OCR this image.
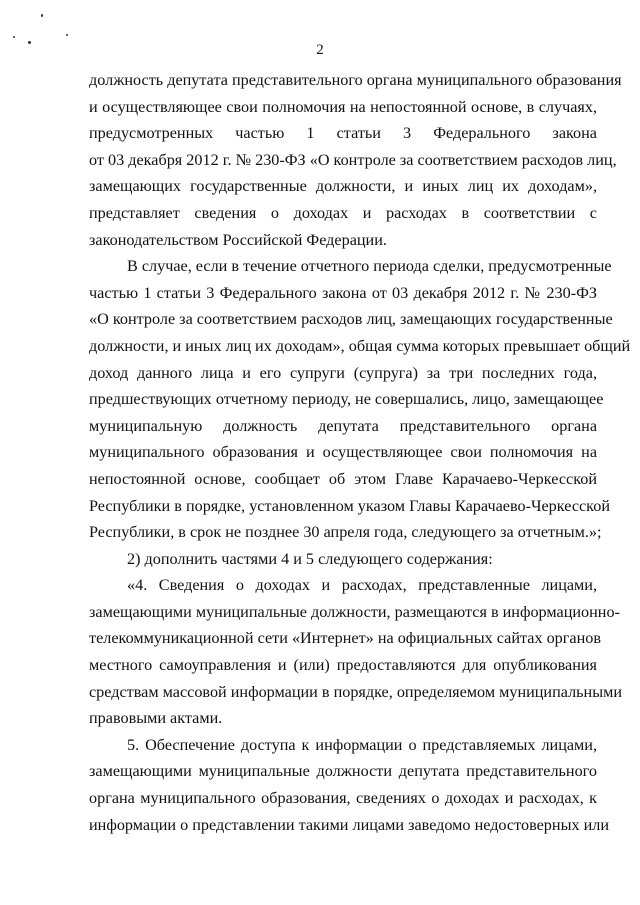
2
должность депутата представительного органа муниципального образования
и осуществляющее свои полномочия на непостоянной основе, в случаях,
предусмотренных частью 1 статьи 3 Федерального закона
от 03 декабря 2012 г. № 230-ФЗ «О контроле за соответствием расходов лиц,
замещающих государственные должности, и иных лиц их доходам»,
представляет сведения о доходах и расходах в соответствии с
законодательством Российской Федерации.
В случае, если в течение отчетного периода сделки, предусмотренные
частью 1 статьи 3 Федерального закона от 03 декабря 2012 г. № 230-ФЗ
«О контроле за соответствием расходов лиц, замещающих государственные
должности, и иных лиц их доходам», общая сумма которых превышает общий
доход данного лица и его супруги (супруга) за три последних года,
предшествующих отчетному периоду, не совершались, лицо, замещающее
муниципальную должность депутата представительного органа
муниципального образования и осуществляющее свои полномочия на
непостоянной основе, сообщает об этом Главе Карачаево-Черкесской
Республики в порядке, установленном указом Главы Карачаево-Черкесской
Республики, в срок не позднее 30 апреля года, следующего за отчетным.»;
2) дополнить частями 4 и 5 следующего содержания:
«4. Сведения о доходах и расходах, представленные лицами,
замещающими муниципальные должности, размещаются в информационно-
телекоммуникационной сети «Интернет» на официальных сайтах органов
местного самоуправления и (или) предоставляются для опубликования
средствам массовой информации в порядке, определяемом муниципальными
правовыми актами.
5. Обеспечение доступа к информации о представляемых лицами,
замещающими муниципальные должности депутата представительного
органа муниципального образования, сведениях о доходах и расходах, к
информации о представлении такими лицами заведомо недостоверных или
